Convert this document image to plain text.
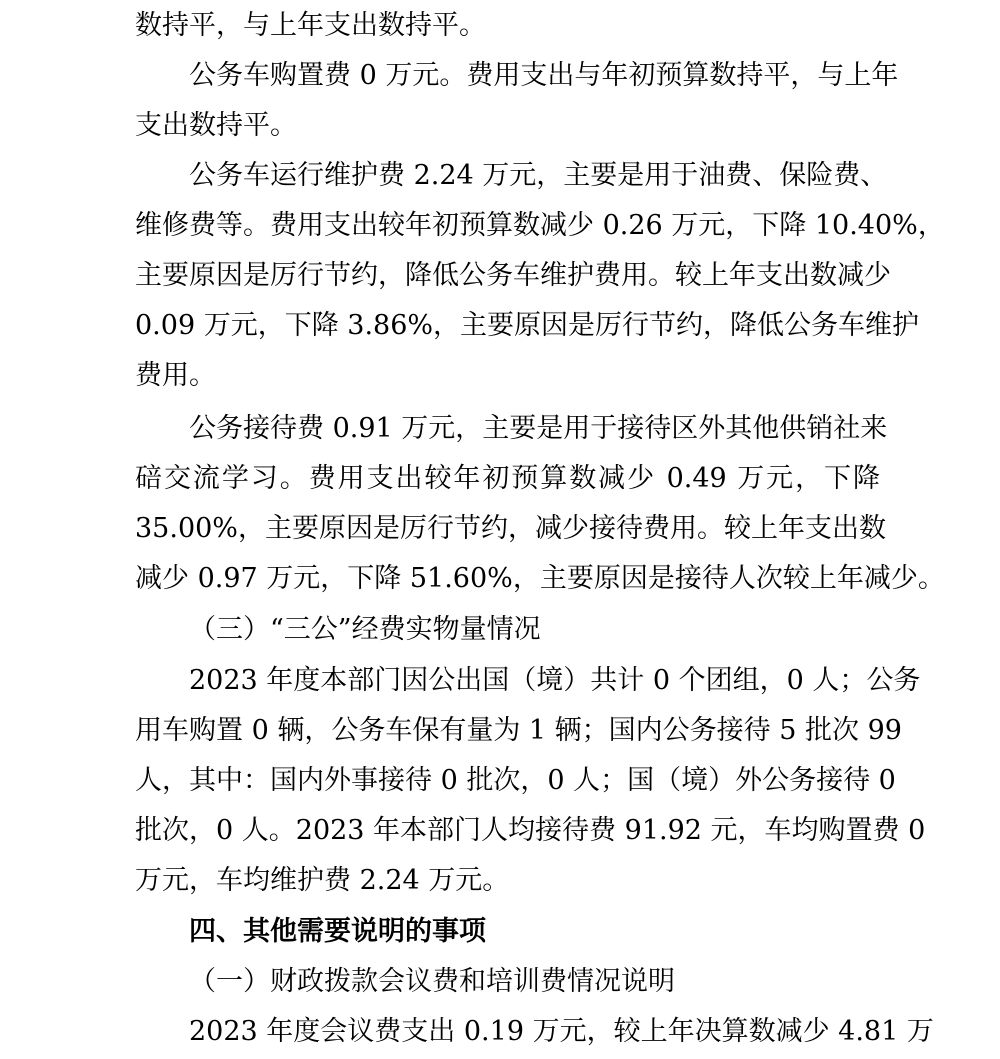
数持平，与上年支出数持平。
公务车购置费 0 万元。费用支出与年初预算数持平，与上年
支出数持平。
公务车运行维护费 2.24 万元，主要是用于油费、保险费、
维修费等。费用支出较年初预算数减少 0.26 万元，下降 10.40%，
主要原因是厉行节约，降低公务车维护费用。较上年支出数减少
0.09 万元，下降 3.86%，主要原因是厉行节约，降低公务车维护
费用。
公务接待费 0.91 万元，主要是用于接待区外其他供销社来
碚交流学习。费用支出较年初预算数减少 0.49 万元，下降
35.00%，主要原因是厉行节约，减少接待费用。较上年支出数
减少 0.97 万元，下降 51.60%，主要原因是接待人次较上年减少。
（三）“三公”经费实物量情况
2023 年度本部门因公出国（境）共计 0 个团组，0 人；公务
用车购置 0 辆，公务车保有量为 1 辆；国内公务接待 5 批次 99
人，其中：国内外事接待 0 批次，0 人；国（境）外公务接待 0
批次，0 人。2023 年本部门人均接待费 91.92 元，车均购置费 0
万元，车均维护费 2.24 万元。
四、其他需要说明的事项
（一）财政拨款会议费和培训费情况说明
2023 年度会议费支出 0.19 万元，较上年决算数减少 4.81 万
